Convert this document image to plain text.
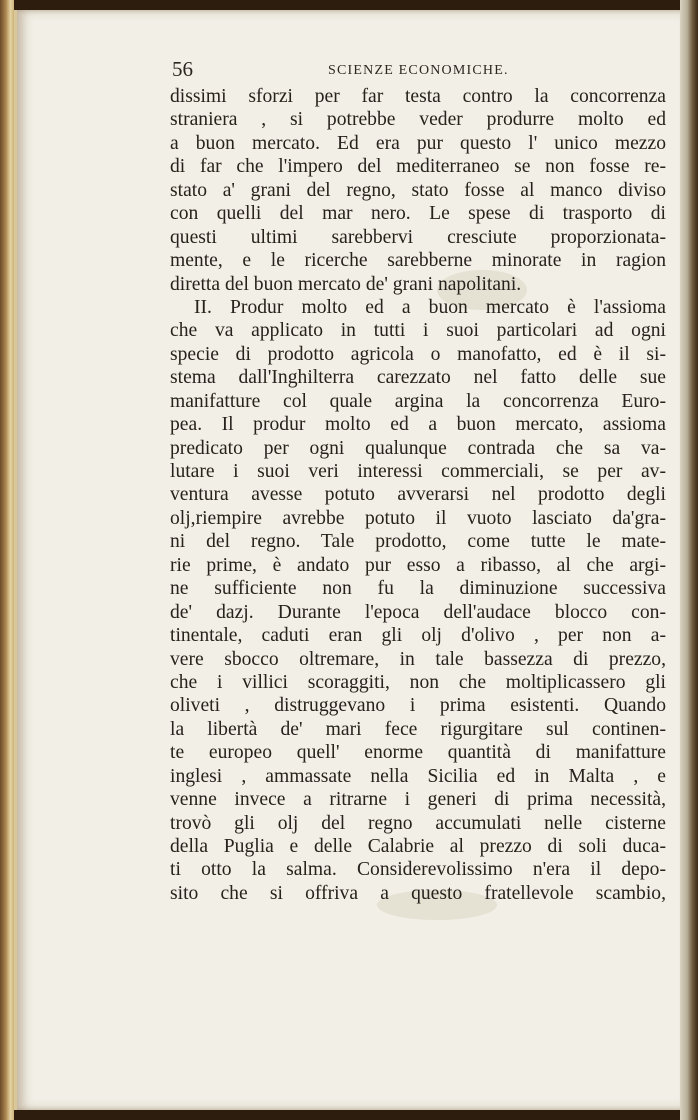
56	SCIENZE ECONOMICHE.
dissimi sforzi per far testa contro la concorrenza
straniera , si potrebbe veder produrre molto ed
a buon mercato. Ed era pur questo l' unico mezzo
di far che l'impero del mediterraneo se non fosse re-
stato a' grani del regno, stato fosse al manco diviso
con quelli del mar nero. Le spese di trasporto di
questi ultimi sarebbervi cresciute proporzionata-
mente, e le ricerche sarebberne minorate in ragion
diretta del buon mercato de' grani napolitani.
II. Produr molto ed a buon mercato è l'assioma
che va applicato in tutti i suoi particolari ad ogni
specie di prodotto agricola o manofatto, ed è il si-
stema dall'Inghilterra carezzato nel fatto delle sue
manifatture col quale argina la concorrenza Euro-
pea. Il produr molto ed a buon mercato, assioma
predicato per ogni qualunque contrada che sa va-
lutare i suoi veri interessi commerciali, se per av-
ventura avesse potuto avverarsi nel prodotto degli
olj,riempire avrebbe potuto il vuoto lasciato da'gra-
ni del regno. Tale prodotto, come tutte le mate-
rie prime, è andato pur esso a ribasso, al che argi-
ne sufficiente non fu la diminuzione successiva
de' dazj. Durante l'epoca dell'audace blocco con-
tinentale, caduti eran gli olj d'olivo , per non a-
vere sbocco oltremare, in tale bassezza di prezzo,
che i villici scoraggiti, non che moltiplicassero gli
oliveti , distruggevano i prima esistenti. Quando
la libertà de' mari fece rigurgitare sul continen-
te europeo quell' enorme quantità di manifatture
inglesi , ammassate nella Sicilia ed in Malta , e
venne invece a ritrarne i generi di prima necessità,
trovò gli olj del regno accumulati nelle cisterne
della Puglia e delle Calabrie al prezzo di soli duca-
ti otto la salma. Considerevolissimo n'era il depo-
sito che si offriva a questo fratellevole scambio,
